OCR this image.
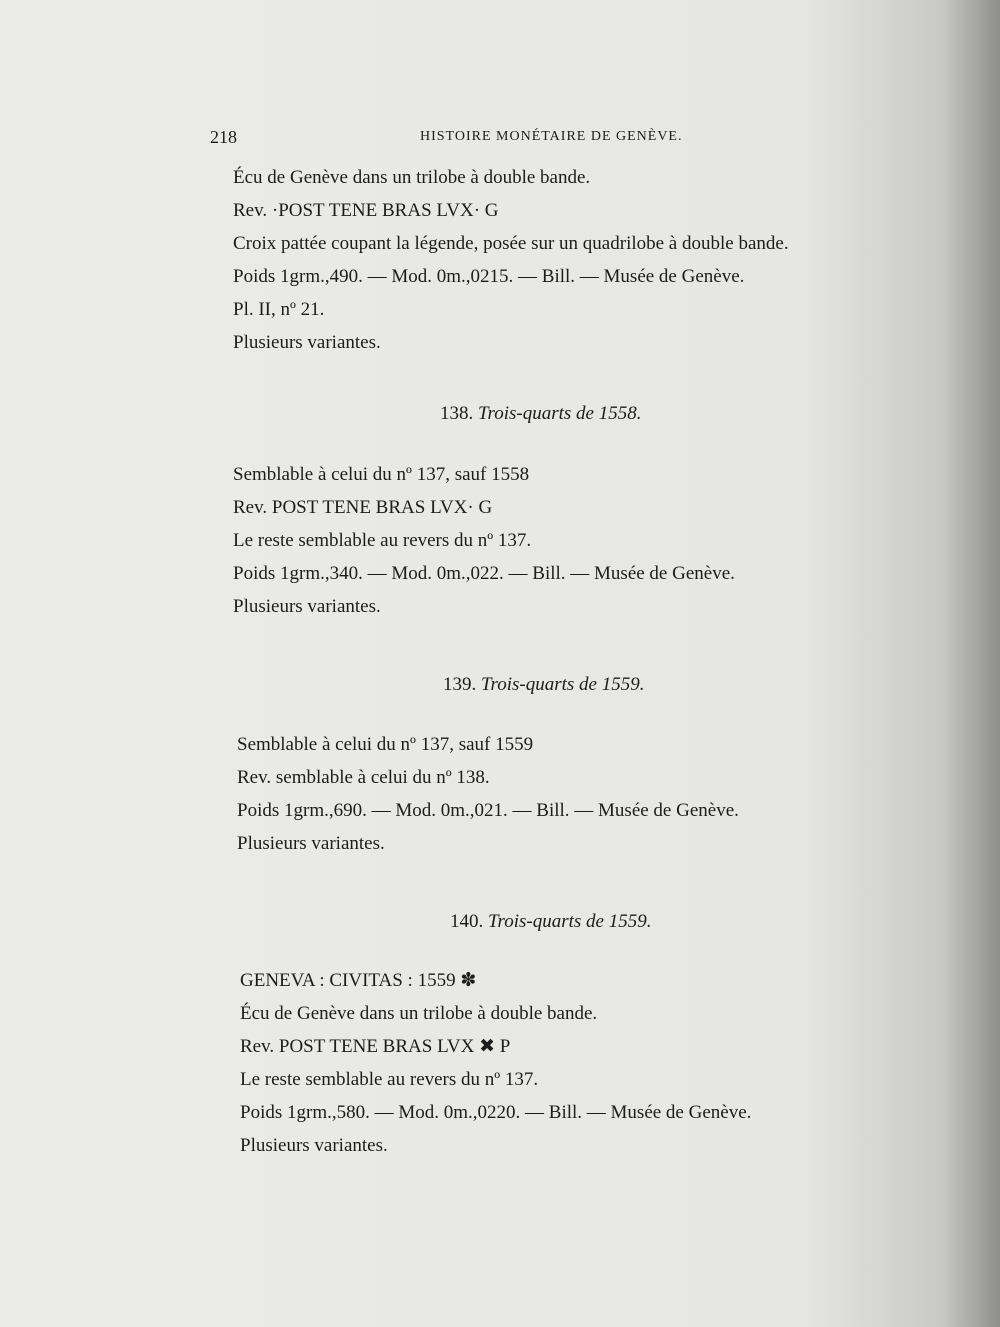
218	HISTOIRE MONÉTAIRE DE GENÈVE.
Écu de Genève dans un trilobe à double bande.
Rev. ·POST TENE BRAS LVX· G
Croix pattée coupant la légende, posée sur un quadrilobe à double bande.
Poids 1grm.,490. — Mod. 0m.,0215. — Bill. — Musée de Genève.
Pl. II, nº 21.
Plusieurs variantes.
138. Trois-quarts de 1558.
Semblable à celui du nº 137, sauf 1558
Rev. POST TENE BRAS LVX· G
Le reste semblable au revers du nº 137.
Poids 1grm.,340. — Mod. 0m.,022. — Bill. — Musée de Genève.
Plusieurs variantes.
139. Trois-quarts de 1559.
Semblable à celui du nº 137, sauf 1559
Rev. semblable à celui du nº 138.
Poids 1grm.,690. — Mod. 0m.,021. — Bill. — Musée de Genève.
Plusieurs variantes.
140. Trois-quarts de 1559.
GENEVA : CIVITAS : 1559 ✽
Écu de Genève dans un trilobe à double bande.
Rev. POST TENE BRAS LVX ✖ P
Le reste semblable au revers du nº 137.
Poids 1grm.,580. — Mod. 0m.,0220. — Bill. — Musée de Genève.
Plusieurs variantes.
